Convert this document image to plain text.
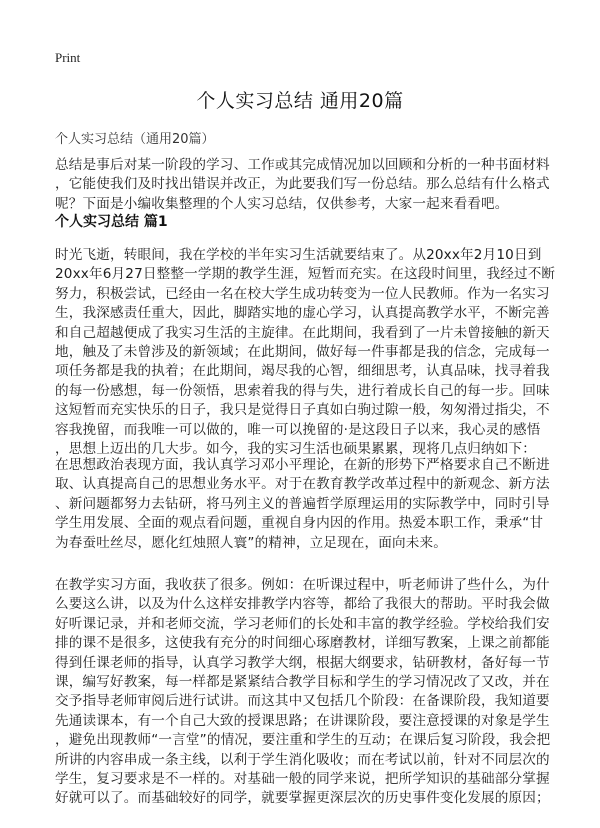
Print
个人实习总结 通用20篇
个人实习总结（通用20篇）
总结是事后对某一阶段的学习、工作或其完成情况加以回顾和分析的一种书面材料
，它能使我们及时找出错误并改正，为此要我们写一份总结。那么总结有什么格式
呢？下面是小编收集整理的个人实习总结，仅供参考，大家一起来看看吧。
个人实习总结 篇1
时光飞逝，转眼间，我在学校的半年实习生活就要结束了。从20xx年2月10日到
20xx年6月27日整整一学期的教学生涯，短暂而充实。在这段时间里，我经过不断
努力，积极尝试，已经由一名在校大学生成功转变为一位人民教师。作为一名实习
生，我深感责任重大，因此，脚踏实地的虚心学习，认真提高教学水平，不断完善
和自己超越便成了我实习生活的主旋律。在此期间，我看到了一片未曾接触的新天
地，触及了未曾涉及的新领域；在此期间，做好每一件事都是我的信念，完成每一
项任务都是我的执着；在此期间，竭尽我的心智，细细思考，认真品味，找寻着我
的每一份感想，每一份领悟，思索着我的得与失，进行着成长自己的每一步。回味
这短暂而充实快乐的日子，我只是觉得日子真如白驹过隙一般，匆匆滑过指尖，不
容我挽留，而我唯一可以做的，唯一可以挽留的·是这段日子以来，我心灵的感悟
，思想上迈出的几大步。如今，我的实习生活也硕果累累，现将几点归纳如下：
在思想政治表现方面，我认真学习邓小平理论，在新的形势下严格要求自己不断进
取、认真提高自己的思想业务水平。对于在教育教学改革过程中的新观念、新方法
、新问题都努力去钻研，将马列主义的普遍哲学原理运用的实际教学中，同时引导
学生用发展、全面的观点看问题，重视自身内因的作用。热爱本职工作，秉承“甘
为春蚕吐丝尽，愿化红烛照人寰”的精神，立足现在，面向未来。
在教学实习方面，我收获了很多。例如：在听课过程中，听老师讲了些什么，为什
么要这么讲，以及为什么这样安排教学内容等，都给了我很大的帮助。平时我会做
好听课记录，并和老师交流，学习老师们的长处和丰富的教学经验。学校给我们安
排的课不是很多，这使我有充分的时间细心琢磨教材，详细写教案，上课之前都能
得到任课老师的指导，认真学习教学大纲，根据大纲要求，钻研教材，备好每一节
课，编写好教案，每一样都是紧紧结合教学目标和学生的学习情况改了又改，并在
交予指导老师审阅后进行试讲。而这其中又包括几个阶段：在备课阶段，我知道要
先通读课本，有一个自己大致的授课思路；在讲课阶段，要注意授课的对象是学生
，避免出现教师“一言堂”的情况，要注重和学生的互动；在课后复习阶段，我会把
所讲的内容串成一条主线，以利于学生消化吸收；而在考试以前，针对不同层次的
学生，复习要求是不一样的。对基础一般的同学来说，把所学知识的基础部分掌握
好就可以了。而基础较好的同学，就要掌握更深层次的历史事件变化发展的原因；
